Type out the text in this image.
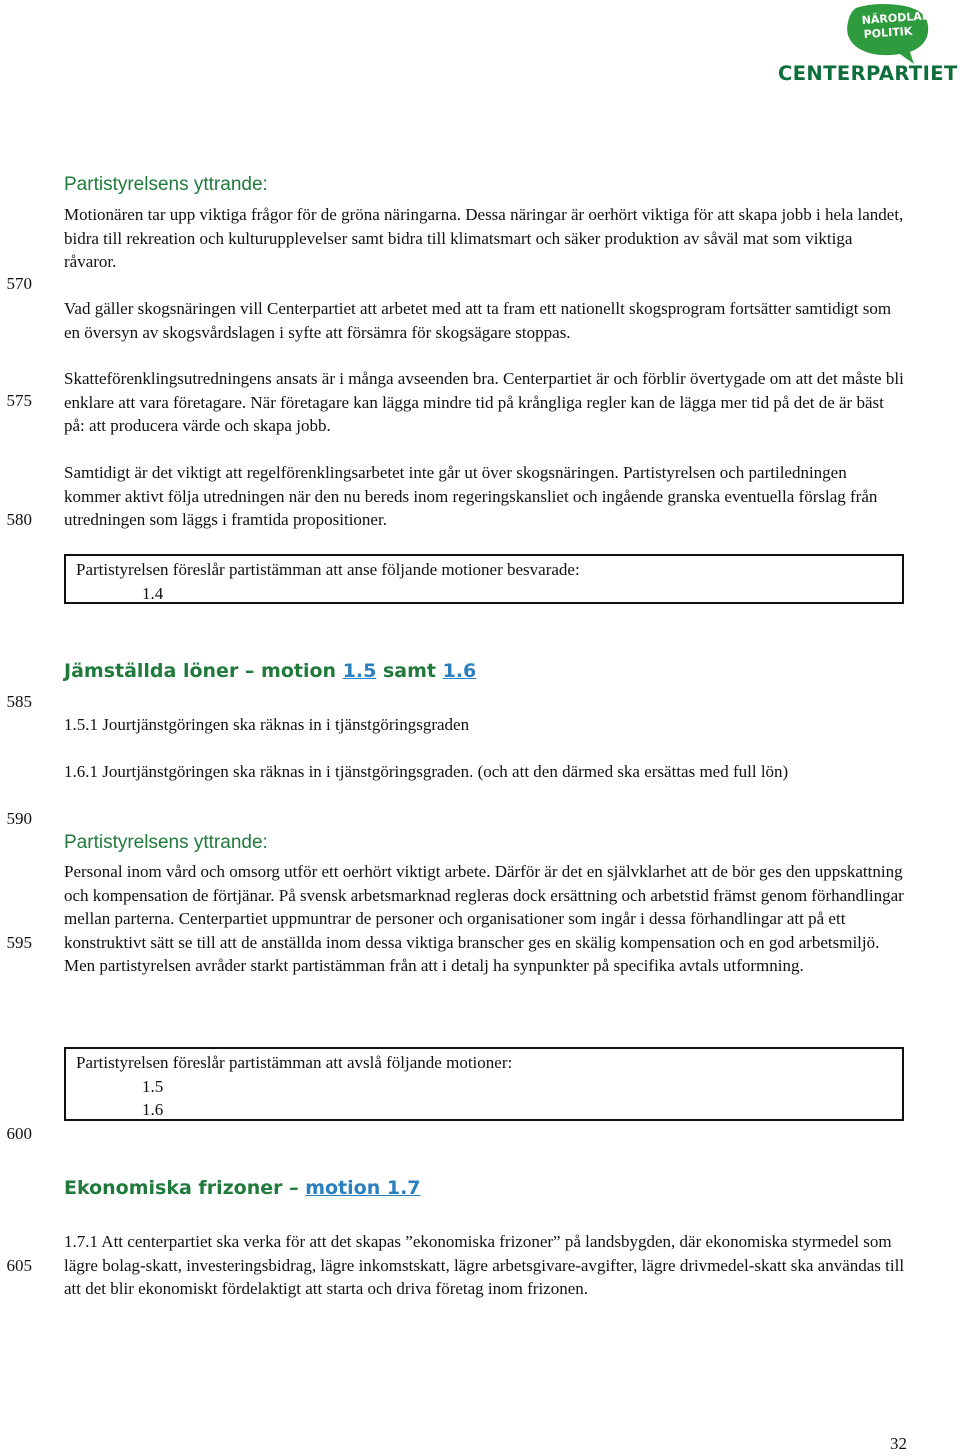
NÄRODLAD
POLITIK
CENTERPARTIET
570
575
580
585
590
595
600
605
Partistyrelsens yttrande:

Motionären tar upp viktiga frågor för de gröna näringarna. Dessa näringar är oerhört viktiga för att skapa jobb i hela landet, bidra till rekreation och kulturupplevelser samt bidra till klimatsmart och säker produktion av såväl mat som viktiga råvaror.

Vad gäller skogsnäringen vill Centerpartiet att arbetet med att ta fram ett nationellt skogsprogram fortsätter samtidigt som en översyn av skogsvårdslagen i syfte att försämra för skogsägare stoppas.

Skatteförenklingsutredningens ansats är i många avseenden bra. Centerpartiet är och förblir övertygade om att det måste bli enklare att vara företagare. När företagare kan lägga mindre tid på krångliga regler kan de lägga mer tid på det de är bäst på: att producera värde och skapa jobb.

Samtidigt är det viktigt att regelförenklingsarbetet inte går ut över skogsnäringen. Partistyrelsen och partiledningen kommer aktivt följa utredningen när den nu bereds inom regeringskansliet och ingående granska eventuella förslag från utredningen som läggs i framtida propositioner.

Partistyrelsen föreslår partistämman att anse följande motioner besvarade:
1.4
Jämställda löner – motion 1.5 samt 1.6

1.5.1 Jourtjänstgöringen ska räknas in i tjänstgöringsgraden

1.6.1 Jourtjänstgöringen ska räknas in i tjänstgöringsgraden. (och att den därmed ska ersättas med full lön)

Partistyrelsens yttrande:

Personal inom vård och omsorg utför ett oerhört viktigt arbete. Därför är det en självklarhet att de bör ges den uppskattning och kompensation de förtjänar. På svensk arbetsmarknad regleras dock ersättning och arbetstid främst genom förhandlingar mellan parterna. Centerpartiet uppmuntrar de personer och organisationer som ingår i dessa förhandlingar att på ett konstruktivt sätt se till att de anställda inom dessa viktiga branscher ges en skälig kompensation och en god arbetsmiljö. Men partistyrelsen avråder starkt partistämman från att i detalj ha synpunkter på specifika avtals utformning.

Partistyrelsen föreslår partistämman att avslå följande motioner:
1.5
1.6
Ekonomiska frizoner – motion 1.7

1.7.1 Att centerpartiet ska verka för att det skapas ”ekonomiska frizoner” på landsbygden, där ekonomiska styrmedel som lägre bolag-skatt, investeringsbidrag, lägre inkomstskatt, lägre arbetsgivare-avgifter, lägre drivmedel-skatt ska användas till att det blir ekonomiskt fördelaktigt att starta och driva företag inom frizonen.

32
